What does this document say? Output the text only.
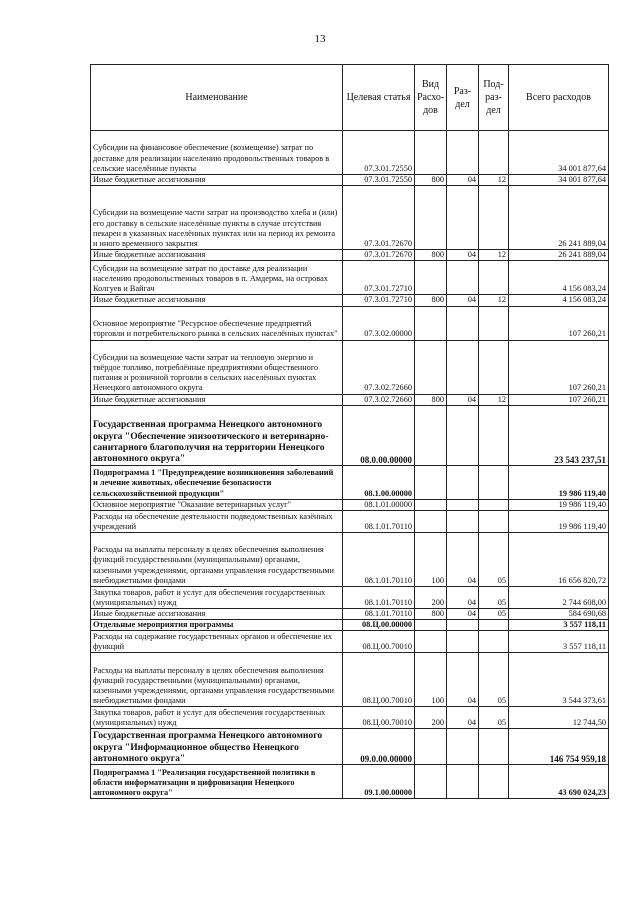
13
Наименование	Целевая статья	Вид Расхо-дов	Раз-дел	Под-раз-дел	Всего расходов
Субсидии на финансовое обеспечение (возмещение) затрат по доставке для реализации населению продовольственных товаров в сельские населённые пункты	07.3.01.72550				34 001 877,64
Иные бюджетные ассигнования	07.3.01.72550	800	04	12	34 001 877,64
Субсидии на возмещение части затрат на производство хлеба и (или) его доставку в сельские населённые пункты в случае отсутствия пекарен в указанных населённых пунктах или на период их ремонта и иного временного закрытия	07.3.01.72670				26 241 889,04
Иные бюджетные ассигнования	07.3.01.72670	800	04	12	26 241 889,04
Субсидии на возмещение затрат по доставке для реализации населению продовольственных товаров в п. Амдерма, на островах Колгуев и Вайгач	07.3.01.72710				4 156 083,24
Иные бюджетные ассигнования	07.3.01.72710	800	04	12	4 156 083,24
Основное мероприятие "Ресурсное обеспечение предприятий торговли и потребительского рынка в сельских населённых пунктах"	07.3.02.00000				107 260,21
Субсидии на возмещение части затрат на тепловую энергию и твёрдое топливо, потреблённые предприятиями общественного питания и розничной торговли в сельских населённых пунктах Ненецкого автономного округа	07.3.02.72660				107 260,21
Иные бюджетные ассигнования	07.3.02.72660	800	04	12	107 260,21
Государственная программа Ненецкого автономного округа "Обеспечение эпизоотического и ветеринарно-санитарного благополучия на территории Ненецкого автономного округа"	08.0.00.00000				23 543 237,51
Подпрограмма 1 "Предупреждение возникновения заболеваний и лечение животных, обеспечение безопасности сельскохозяйственной продукции"	08.1.00.00000				19 986 119,40
Основное мероприятие "Оказание ветеринарных услуг"	08.1.01.00000				19 986 119,40
Расходы на обеспечение деятельности подведомственных казённых учреждений	08.1.01.70110				19 986 119,40
Расходы на выплаты персоналу в целях обеспечения выполнения функций государственными (муниципальными) органами, казенными учреждениями, органами управления государственными внебюджетными фондами	08.1.01.70110	100	04	05	16 656 820,72
Закупка товаров, работ и услуг для обеспечения государственных (муниципальных) нужд	08.1.01.70110	200	04	05	2 744 608,00
Иные бюджетные ассигнования	08.1.01.70110	800	04	05	584 690,68
Отдельные мероприятия программы	08.Ц.00.00000				3 557 118,11
Расходы на содержание государственных органов и обеспечение их функций	08.Ц.00.70010				3 557 118,11
Расходы на выплаты персоналу в целях обеспечения выполнения функций государственными (муниципальными) органами, казенными учреждениями, органами управления государственными внебюджетными фондами	08.Ц.00.70010	100	04	05	3 544 373,61
Закупка товаров, работ и услуг для обеспечения государственных (муниципальных) нужд	08.Ц.00.70010	200	04	05	12 744,50
Государственная программа Ненецкого автономного округа "Информационное общество Ненецкого автономного округа"	09.0.00.00000				146 754 959,18
Подпрограмма 1 "Реализация государственной политики в области информатизации и цифровизации Ненецкого автономного округа"	09.1.00.00000				43 690 024,23
